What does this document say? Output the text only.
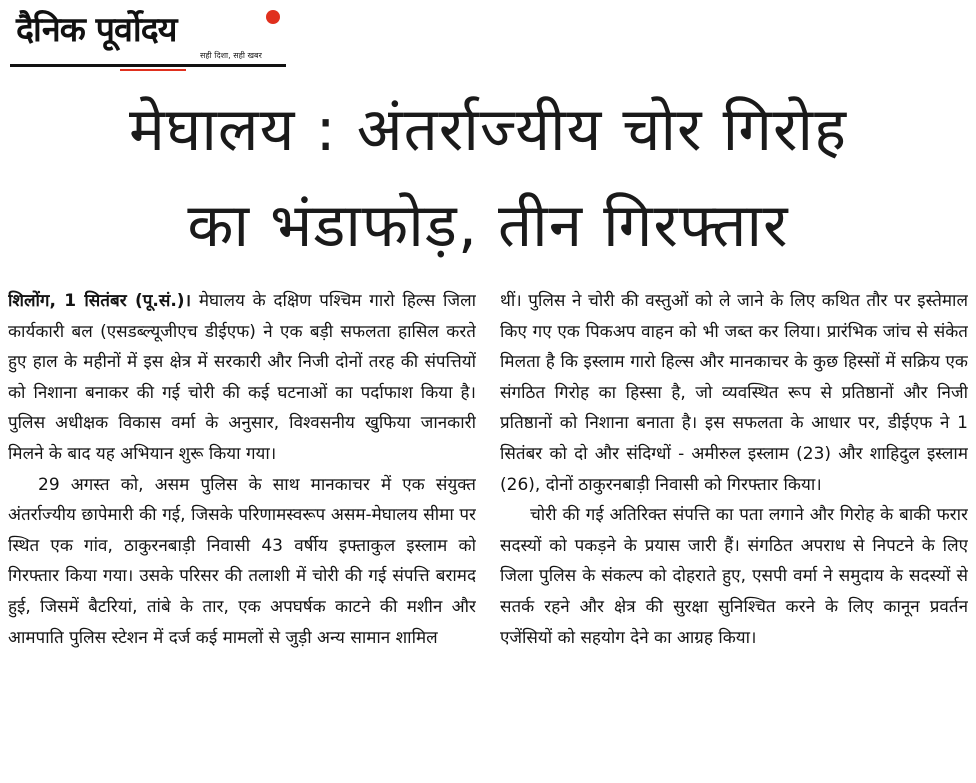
दैनिक पूर्वोदय
सही दिशा, सही खबर
मेघालय : अंतर्राज्यीय चोर गिरोह
का भंडाफोड़, तीन गिरफ्तार

शिलोंग, 1 सितंबर (पू.सं.)। मेघालय के दक्षिण पश्चिम गारो हिल्स जिला कार्यकारी बल (एसडब्ल्यूजीएच डीईएफ) ने एक बड़ी सफलता हासिल करते हुए हाल के महीनों में इस क्षेत्र में सरकारी और निजी दोनों तरह की संपत्तियों को निशाना बनाकर की गई चोरी की कई घटनाओं का पर्दाफाश किया है। पुलिस अधीक्षक विकास वर्मा के अनुसार, विश्वसनीय खुफिया जानकारी मिलने के बाद यह अभियान शुरू किया गया।

29 अगस्त को, असम पुलिस के साथ मानकाचर में एक संयुक्त अंतर्राज्यीय छापेमारी की गई, जिसके परिणामस्वरूप असम-मेघालय सीमा पर स्थित एक गांव, ठाकुरनबाड़ी निवासी 43 वर्षीय इफ्ताकुल इस्लाम को गिरफ्तार किया गया। उसके परिसर की तलाशी में चोरी की गई संपत्ति बरामद हुई, जिसमें बैटरियां, तांबे के तार, एक अपघर्षक काटने की मशीन और आमपाति पुलिस स्टेशन में दर्ज कई मामलों से जुड़ी अन्य सामान शामिल

थीं। पुलिस ने चोरी की वस्तुओं को ले जाने के लिए कथित तौर पर इस्तेमाल किए गए एक पिकअप वाहन को भी जब्त कर लिया। प्रारंभिक जांच से संकेत मिलता है कि इस्लाम गारो हिल्स और मानकाचर के कुछ हिस्सों में सक्रिय एक संगठित गिरोह का हिस्सा है, जो व्यवस्थित रूप से प्रतिष्ठानों और निजी प्रतिष्ठानों को निशाना बनाता है। इस सफलता के आधार पर, डीईएफ ने 1 सितंबर को दो और संदिग्धों - अमीरुल इस्लाम (23) और शाहिदुल इस्लाम (26), दोनों ठाकुरनबाड़ी निवासी को गिरफ्तार किया।

चोरी की गई अतिरिक्त संपत्ति का पता लगाने और गिरोह के बाकी फरार सदस्यों को पकड़ने के प्रयास जारी हैं। संगठित अपराध से निपटने के लिए जिला पुलिस के संकल्प को दोहराते हुए, एसपी वर्मा ने समुदाय के सदस्यों से सतर्क रहने और क्षेत्र की सुरक्षा सुनिश्चित करने के लिए कानून प्रवर्तन एजेंसियों को सहयोग देने का आग्रह किया।
